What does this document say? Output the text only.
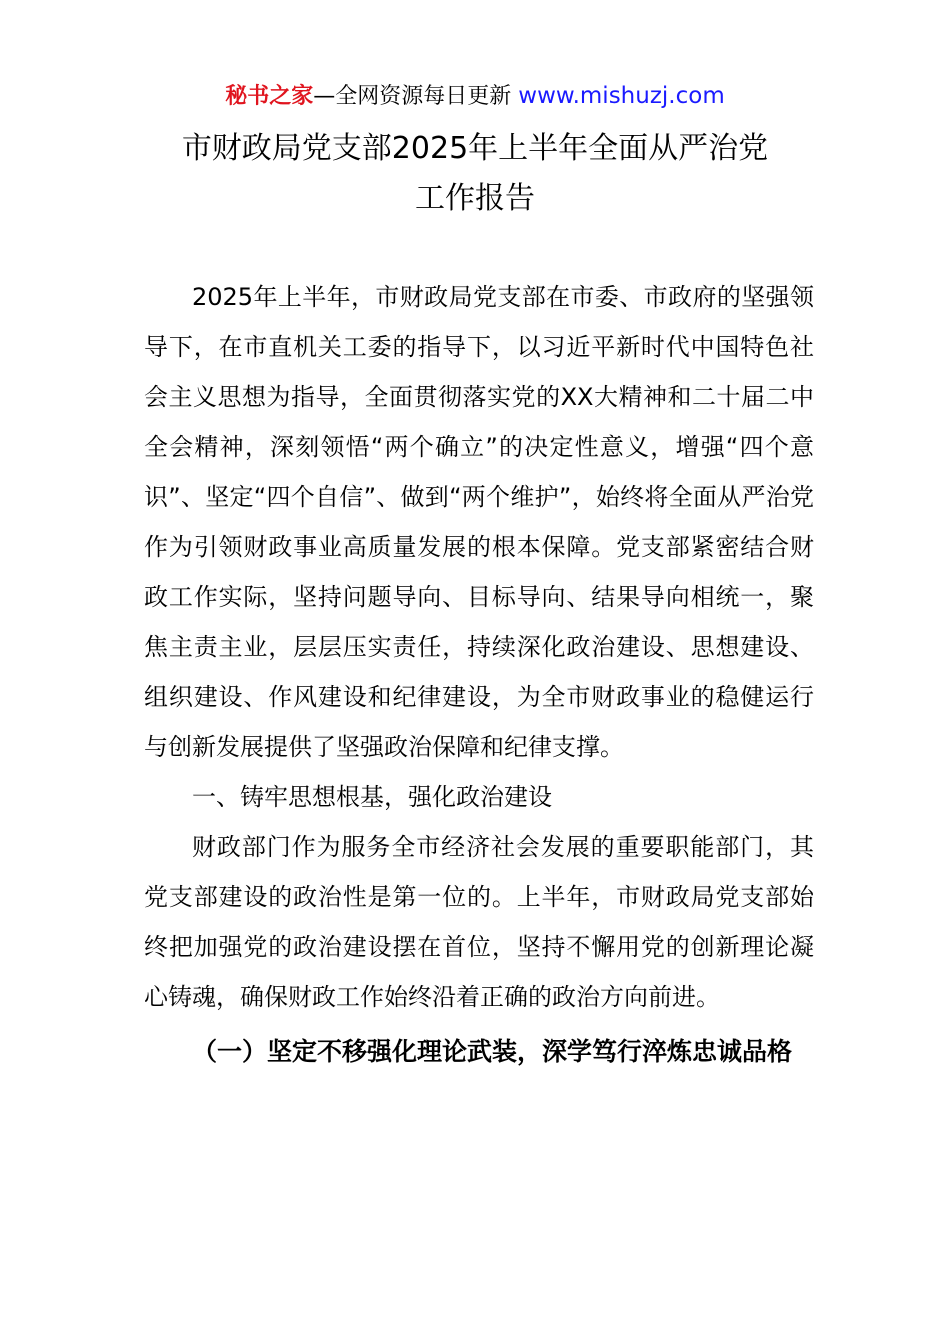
秘书之家—全网资源每日更新 www.mishuzj.com
市财政局党支部2025年上半年全面从严治党
工作报告

2025年上半年，市财政局党支部在市委、市政府的坚强领导下，在市直机关工委的指导下，以习近平新时代中国特色社会主义思想为指导，全面贯彻落实党的XX大精神和二十届二中全会精神，深刻领悟“两个确立”的决定性意义，增强“四个意识”、坚定“四个自信”、做到“两个维护”，始终将全面从严治党作为引领财政事业高质量发展的根本保障。党支部紧密结合财政工作实际，坚持问题导向、目标导向、结果导向相统一，聚焦主责主业，层层压实责任，持续深化政治建设、思想建设、组织建设、作风建设和纪律建设，为全市财政事业的稳健运行与创新发展提供了坚强政治保障和纪律支撑。

一、铸牢思想根基，强化政治建设

财政部门作为服务全市经济社会发展的重要职能部门，其党支部建设的政治性是第一位的。上半年，市财政局党支部始终把加强党的政治建设摆在首位，坚持不懈用党的创新理论凝心铸魂，确保财政工作始终沿着正确的政治方向前进。

（一）坚定不移强化理论武装，深学笃行淬炼忠诚品格
